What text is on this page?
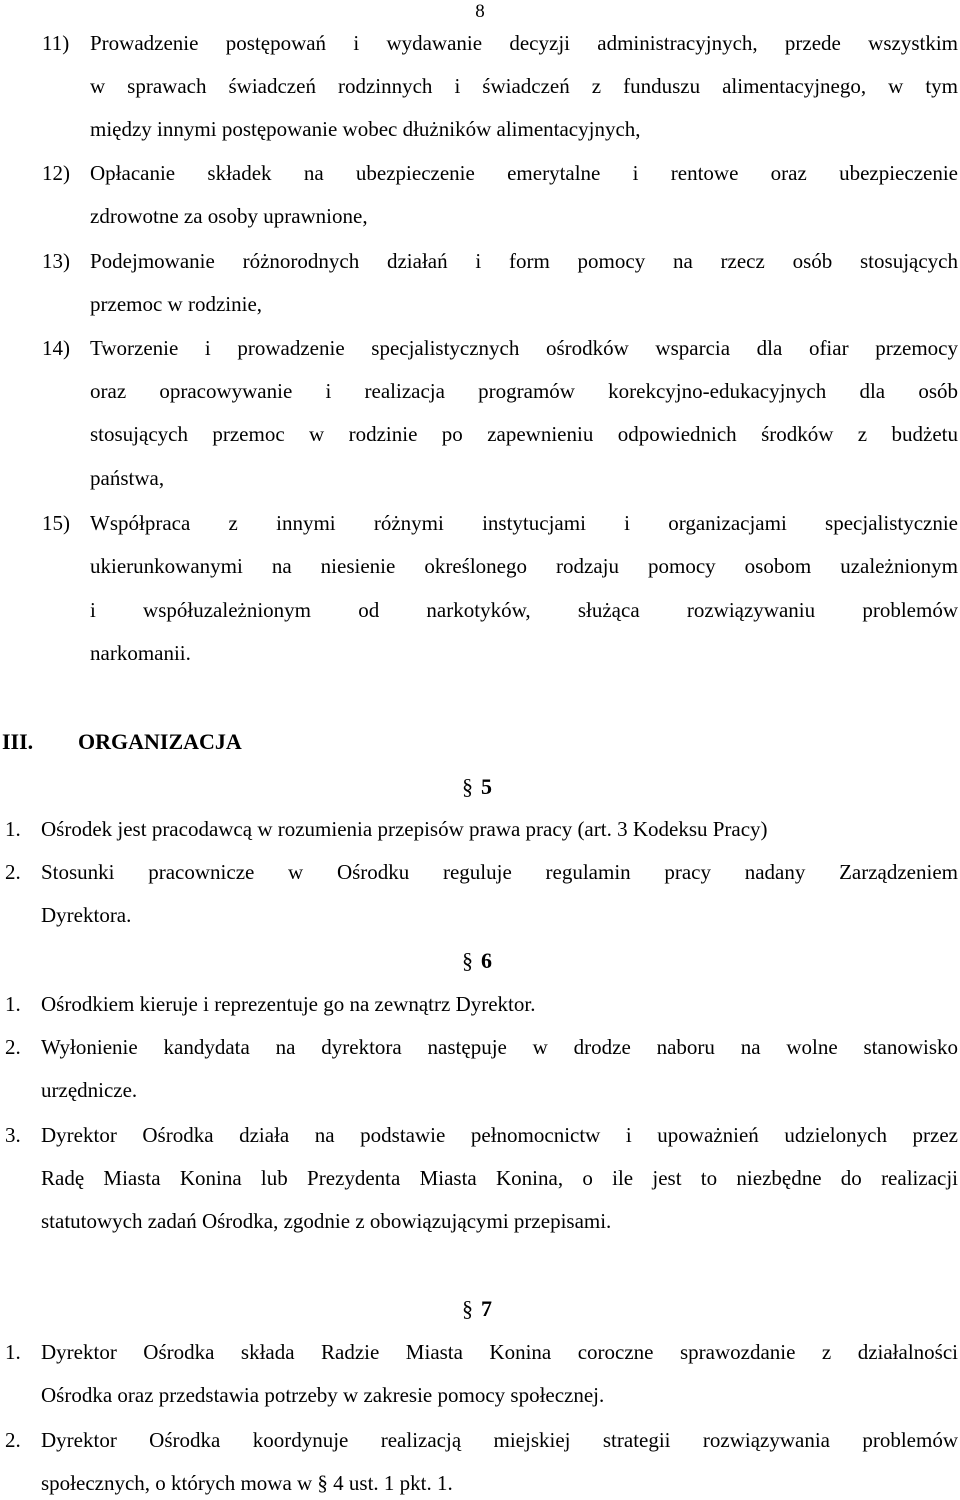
8
11) Prowadzenie postępowań i wydawanie decyzji administracyjnych, przede wszystkim
w sprawach świadczeń rodzinnych i świadczeń z funduszu alimentacyjnego, w tym
między innymi postępowanie wobec dłużników alimentacyjnych,
12) Opłacanie składek na ubezpieczenie emerytalne i rentowe oraz ubezpieczenie
zdrowotne za osoby uprawnione,
13) Podejmowanie różnorodnych działań i form pomocy na rzecz osób stosujących
przemoc w rodzinie,
14) Tworzenie i prowadzenie specjalistycznych ośrodków wsparcia dla ofiar przemocy
oraz opracowywanie i realizacja programów korekcyjno-edukacyjnych dla osób
stosujących przemoc w rodzinie po zapewnieniu odpowiednich środków z budżetu
państwa,
15) Współpraca z innymi różnymi instytucjami i organizacjami specjalistycznie
ukierunkowanymi na niesienie określonego rodzaju pomocy osobom uzależnionym
i współuzależnionym od narkotyków, służąca rozwiązywaniu problemów
narkomanii.
III. ORGANIZACJA
§ 5
1. Ośrodek jest pracodawcą w rozumienia przepisów prawa pracy (art. 3 Kodeksu Pracy)
2. Stosunki pracownicze w Ośrodku reguluje regulamin pracy nadany Zarządzeniem
Dyrektora.
§ 6
1. Ośrodkiem kieruje i reprezentuje go na zewnątrz Dyrektor.
2. Wyłonienie kandydata na dyrektora następuje w drodze naboru na wolne stanowisko
urzędnicze.
3. Dyrektor Ośrodka działa na podstawie pełnomocnictw i upoważnień udzielonych przez
Radę Miasta Konina lub Prezydenta Miasta Konina, o ile jest to niezbędne do realizacji
statutowych zadań Ośrodka, zgodnie z obowiązującymi przepisami.
§ 7
1. Dyrektor Ośrodka składa Radzie Miasta Konina coroczne sprawozdanie z działalności
Ośrodka oraz przedstawia potrzeby w zakresie pomocy społecznej.
2. Dyrektor Ośrodka koordynuje realizacją miejskiej strategii rozwiązywania problemów
społecznych, o których mowa w § 4 ust. 1 pkt. 1.
